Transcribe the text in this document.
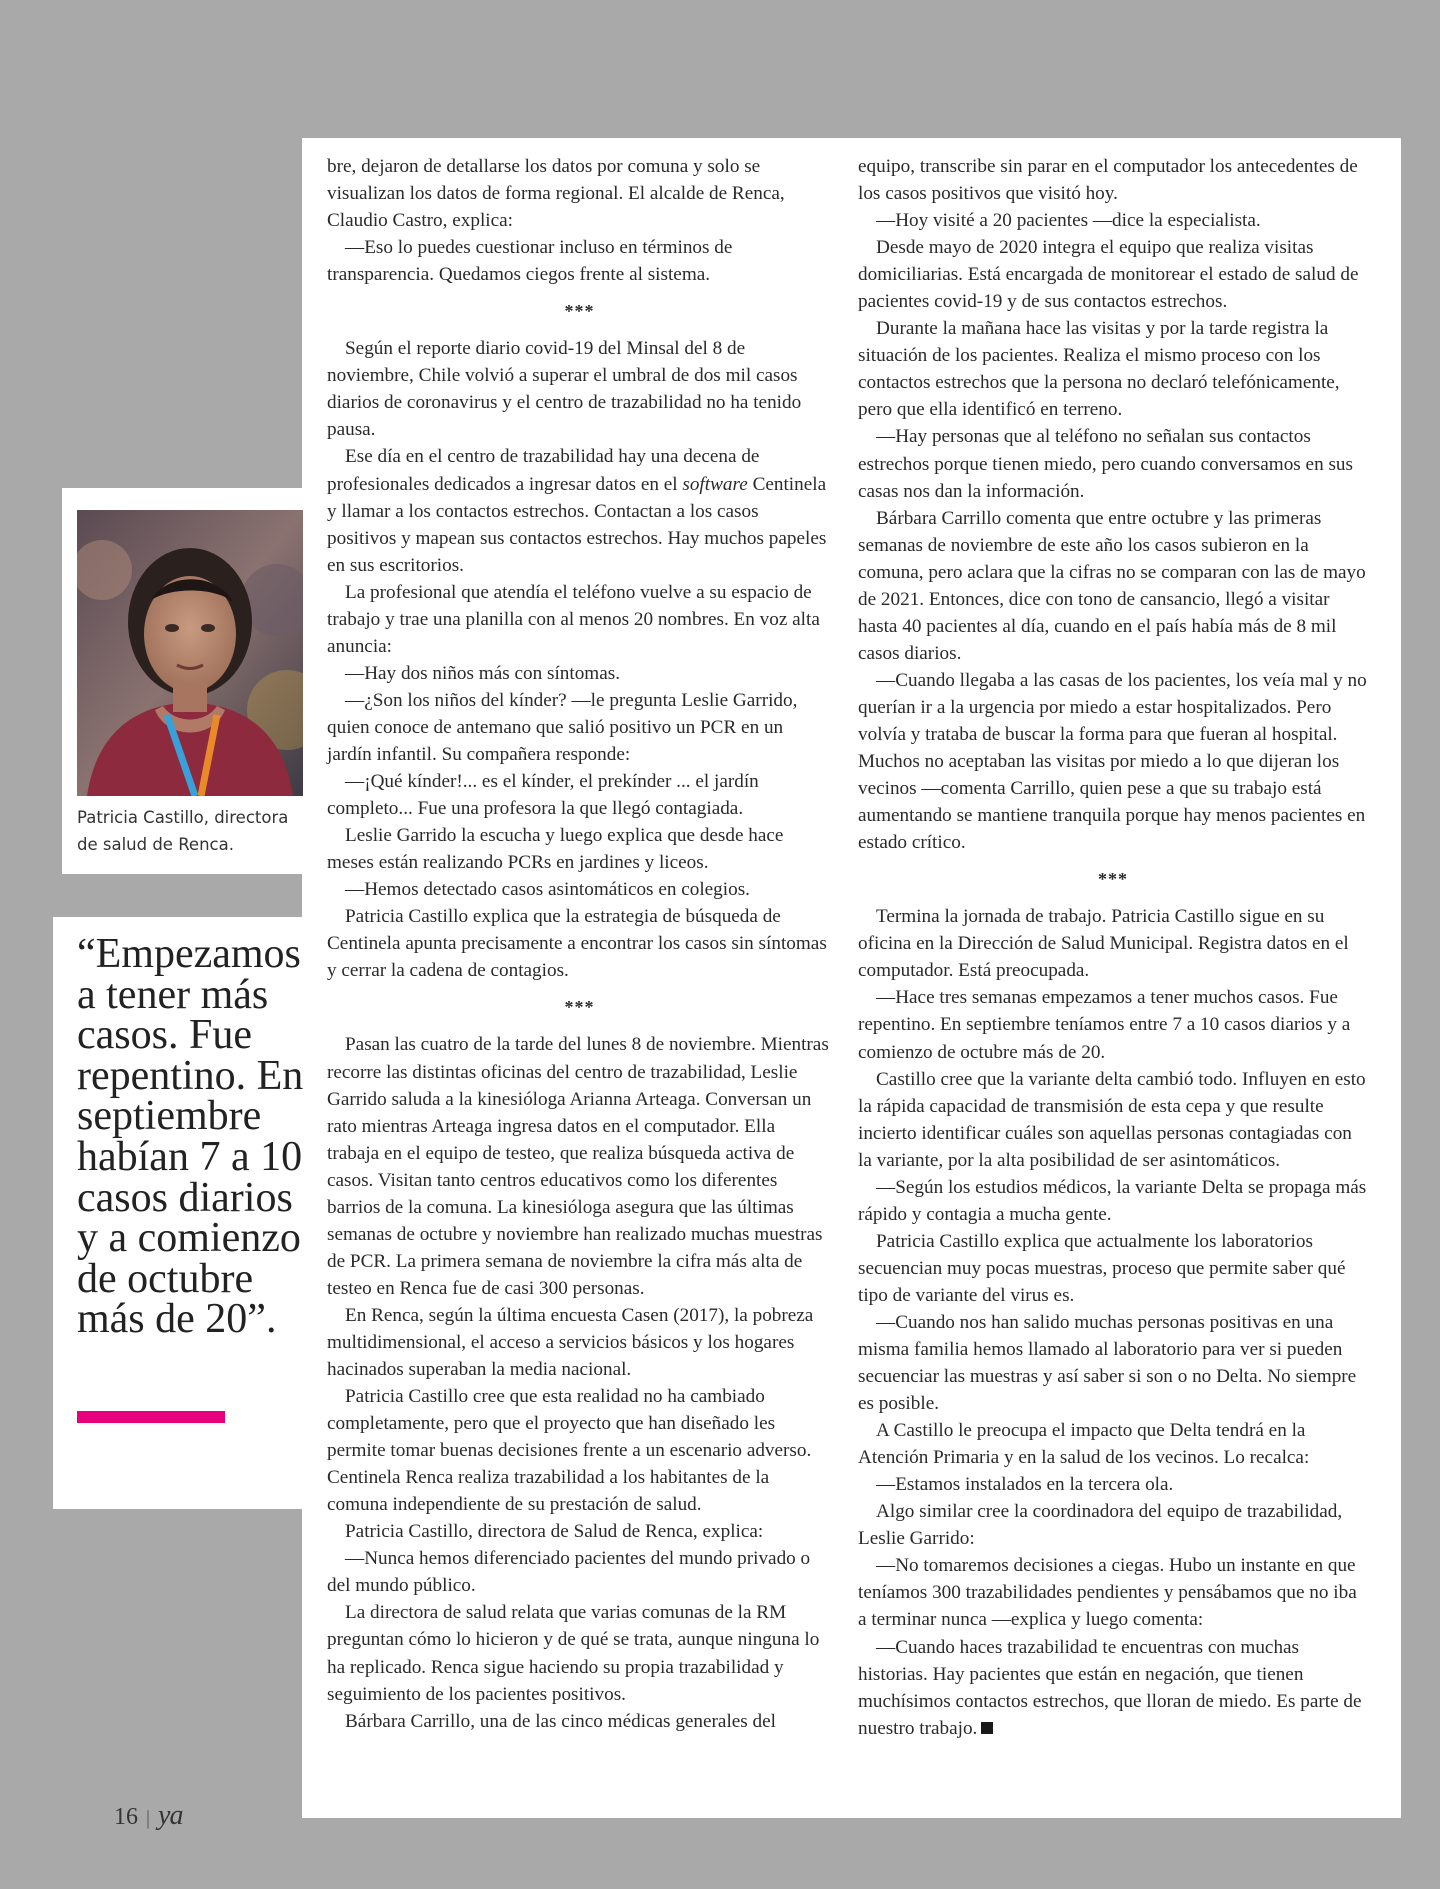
bre, dejaron de detallarse los datos por comuna y solo se visualizan los datos de forma regional. El alcalde de Renca, Claudio Castro, explica:

—Eso lo puedes cuestionar incluso en términos de transparencia. Quedamos ciegos frente al sistema.

***

Según el reporte diario covid-19 del Minsal del 8 de noviembre, Chile volvió a superar el umbral de dos mil casos diarios de coronavirus y el centro de trazabilidad no ha tenido pausa.

Ese día en el centro de trazabilidad hay una decena de profesionales dedicados a ingresar datos en el software Centinela y llamar a los contactos estrechos. Contactan a los casos positivos y mapean sus contactos estrechos. Hay muchos papeles en sus escritorios.

La profesional que atendía el teléfono vuelve a su espacio de trabajo y trae una planilla con al menos 20 nombres. En voz alta anuncia:

—Hay dos niños más con síntomas.

—¿Son los niños del kínder? —le pregunta Leslie Garrido, quien conoce de antemano que salió positivo un PCR en un jardín infantil. Su compañera responde:

—¡Qué kínder!... es el kínder, el prekínder ... el jardín completo... Fue una profesora la que llegó contagiada.

Leslie Garrido la escucha y luego explica que desde hace meses están realizando PCRs en jardines y liceos.

—Hemos detectado casos asintomáticos en colegios.

Patricia Castillo explica que la estrategia de búsqueda de Centinela apunta precisamente a encontrar los casos sin síntomas y cerrar la cadena de contagios.

***

Pasan las cuatro de la tarde del lunes 8 de noviembre. Mientras recorre las distintas oficinas del centro de trazabilidad, Leslie Garrido saluda a la kinesióloga Arianna Arteaga. Conversan un rato mientras Arteaga ingresa datos en el computador. Ella trabaja en el equipo de testeo, que realiza búsqueda activa de casos. Visitan tanto centros educativos como los diferentes barrios de la comuna. La kinesióloga asegura que las últimas semanas de octubre y noviembre han realizado muchas muestras de PCR. La primera semana de noviembre la cifra más alta de testeo en Renca fue de casi 300 personas.

En Renca, según la última encuesta Casen (2017), la pobreza multidimensional, el acceso a servicios básicos y los hogares hacinados superaban la media nacional.

Patricia Castillo cree que esta realidad no ha cambiado completamente, pero que el proyecto que han diseñado les permite tomar buenas decisiones frente a un escenario adverso. Centinela Renca realiza trazabilidad a los habitantes de la comuna independiente de su prestación de salud.

Patricia Castillo, directora de Salud de Renca, explica:

—Nunca hemos diferenciado pacientes del mundo privado o del mundo público.

La directora de salud relata que varias comunas de la RM preguntan cómo lo hicieron y de qué se trata, aunque ninguna lo ha replicado. Renca sigue haciendo su propia trazabilidad y seguimiento de los pacientes positivos.

Bárbara Carrillo, una de las cinco médicas generales del

equipo, transcribe sin parar en el computador los antecedentes de los casos positivos que visitó hoy.

—Hoy visité a 20 pacientes —dice la especialista.

Desde mayo de 2020 integra el equipo que realiza visitas domiciliarias. Está encargada de monitorear el estado de salud de pacientes covid-19 y de sus contactos estrechos.

Durante la mañana hace las visitas y por la tarde registra la situación de los pacientes. Realiza el mismo proceso con los contactos estrechos que la persona no declaró telefónicamente, pero que ella identificó en terreno.

—Hay personas que al teléfono no señalan sus contactos estrechos porque tienen miedo, pero cuando conversamos en sus casas nos dan la información.

Bárbara Carrillo comenta que entre octubre y las primeras semanas de noviembre de este año los casos subieron en la comuna, pero aclara que la cifras no se comparan con las de mayo de 2021. Entonces, dice con tono de cansancio, llegó a visitar hasta 40 pacientes al día, cuando en el país había más de 8 mil casos diarios.

—Cuando llegaba a las casas de los pacientes, los veía mal y no querían ir a la urgencia por miedo a estar hospitalizados. Pero volvía y trataba de buscar la forma para que fueran al hospital. Muchos no aceptaban las visitas por miedo a lo que dijeran los vecinos —comenta Carrillo, quien pese a que su trabajo está aumentando se mantiene tranquila porque hay menos pacientes en estado crítico.

***

Termina la jornada de trabajo. Patricia Castillo sigue en su oficina en la Dirección de Salud Municipal. Registra datos en el computador. Está preocupada.

—Hace tres semanas empezamos a tener muchos casos. Fue repentino. En septiembre teníamos entre 7 a 10 casos diarios y a comienzo de octubre más de 20.

Castillo cree que la variante delta cambió todo. Influyen en esto la rápida capacidad de transmisión de esta cepa y que resulte incierto identificar cuáles son aquellas personas contagiadas con la variante, por la alta posibilidad de ser asintomáticos.

—Según los estudios médicos, la variante Delta se propaga más rápido y contagia a mucha gente.

Patricia Castillo explica que actualmente los laboratorios secuencian muy pocas muestras, proceso que permite saber qué tipo de variante del virus es.

—Cuando nos han salido muchas personas positivas en una misma familia hemos llamado al laboratorio para ver si pueden secuenciar las muestras y así saber si son o no Delta. No siempre es posible.

A Castillo le preocupa el impacto que Delta tendrá en la Atención Primaria y en la salud de los vecinos. Lo recalca:

—Estamos instalados en la tercera ola.

Algo similar cree la coordinadora del equipo de trazabilidad, Leslie Garrido:

—No tomaremos decisiones a ciegas. Hubo un instante en que teníamos 300 trazabilidades pendientes y pensábamos que no iba a terminar nunca —explica y luego comenta:

—Cuando haces trazabilidad te encuentras con muchas historias. Hay pacientes que están en negación, que tienen muchísimos contactos estrechos, que lloran de miedo. Es parte de nuestro trabajo.

Patricia Castillo, directora de salud de Renca.
“Empezamos a tener más casos. Fue repentino. En septiembre habían 7 a 10 casos diarios y a comienzo de octubre más de 20”.
16 | ya
